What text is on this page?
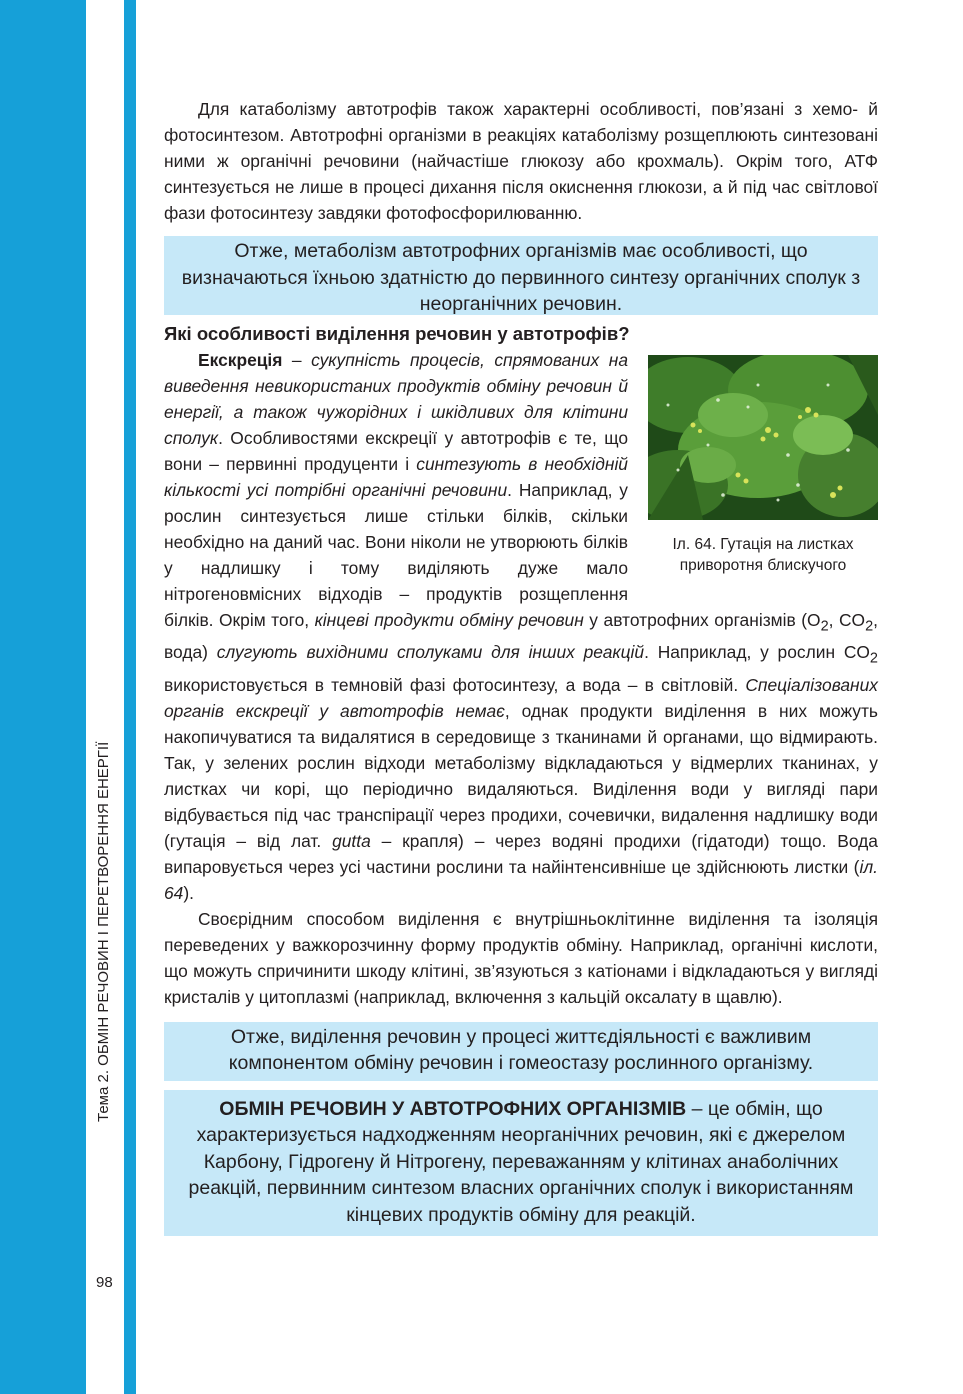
Тема 2. ОБМІН РЕЧОВИН І ПЕРЕТВОРЕННЯ ЕНЕРГІЇ
98

Для катаболізму автотрофів також характерні особливості, пов’язані з хемо- й фотосинтезом. Автотрофні організми в реакціях катаболізму розщеплюють синтезовані ними ж органічні речовини (найчастіше глюкозу або крохмаль). Окрім того, АТФ синтезується не лише в процесі дихання після окиснення глюкози, а й під час світлової фази фотосинтезу завдяки фотофосфорилюванню.

Отже, метаболізм автотрофних організмів має особливості, що визначаються їхньою здатністю до первинного синтезу органічних сполук з неорганічних речовин.
Які особливості виділення речовин у автотрофів?
Іл. 64. Гутація на листках
приворотня блискучого

Екскреція – сукупність процесів, спрямованих на виведення невикористаних продуктів обміну речовин й енергії, а також чужорідних і шкідливих для клітини сполук. Особливостями екскреції у автотрофів є те, що вони – первинні продуценти і синтезують в необхідній кількості усі потрібні органічні речовини. Наприклад, у рослин синтезується лише стільки білків, скільки необхідно на даний час. Вони ніколи не утворюють білків у надлишку і тому виділяють дуже мало нітрогеновмісних відходів – продуктів розщеплення білків. Окрім того, кінцеві продукти обміну речовин у автотрофних організмів ($O_2$, $CO_2$, вода) слугують вихідними сполуками для інших реакцій. Наприклад, у рослин $CO_2$ використовується в темновій фазі фотосинтезу, а вода – в світловій. Спеціалізованих органів екскреції у автотрофів немає, однак продукти виділення в них можуть накопичуватися та видалятися в середовище з тканинами й органами, що відмирають. Так, у зелених рослин відходи метаболізму відкладаються у відмерлих тканинах, у листках чи корі, що періодично видаляються. Виділення води у вигляді пари відбувається під час транспірації через продихи, сочевички, видалення надлишку води (гутація – від лат. gutta – крапля) – через водяні продихи (гідатоди) тощо. Вода випаровується через усі частини рослини та найінтенсивніше це здійснюють листки (іл. 64).

Своєрідним способом виділення є внутрішньоклітинне виділення та ізоляція переведених у важкорозчинну форму продуктів обміну. Наприклад, органічні кислоти, що можуть спричинити шкоду клітині, зв’язуються з катіонами і відкладаються у вигляді кристалів у цитоплазмі (наприклад, включення з кальцій оксалату в щавлю).

Отже, виділення речовин у процесі життєдіяльності є важливим компонентом обміну речовин і гомеостазу рослинного організму.
ОБМІН РЕЧОВИН У АВТОТРОФНИХ ОРГАНІЗМІВ – це обмін, що характеризується надходженням неорганічних речовин, які є джерелом Карбону, Гідрогену й Нітрогену, переважанням у клітинах анаболічних реакцій, первинним синтезом власних органічних сполук і використанням кінцевих продуктів обміну для реакцій.
